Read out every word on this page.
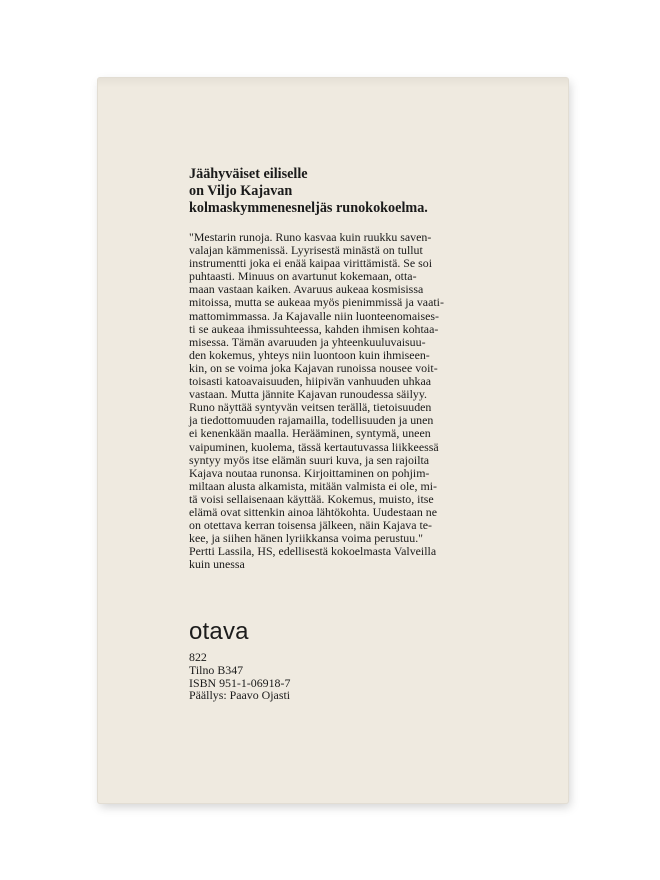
Jäähyväiset eiliselle
on Viljo Kajavan
kolmaskymmenesneljäs runokokoelma.
"Mestarin runoja. Runo kasvaa kuin ruukku saven-
valajan kämmenissä. Lyyrisestä minästä on tullut
instrumentti joka ei enää kaipaa virittämistä. Se soi
puhtaasti. Minuus on avartunut kokemaan, otta-
maan vastaan kaiken. Avaruus aukeaa kosmisissa
mitoissa, mutta se aukeaa myös pienimmissä ja vaati-
mattomimmassa. Ja Kajavalle niin luonteenomaises-
ti se aukeaa ihmissuhteessa, kahden ihmisen kohtaa-
misessa. Tämän avaruuden ja yhteenkuuluvaisuu-
den kokemus, yhteys niin luontoon kuin ihmiseen-
kin, on se voima joka Kajavan runoissa nousee voit-
toisasti katoavaisuuden, hiipivän vanhuuden uhkaa
vastaan. Mutta jännite Kajavan runoudessa säilyy.
Runo näyttää syntyvän veitsen terällä, tietoisuuden
ja tiedottomuuden rajamailla, todellisuuden ja unen
ei kenenkään maalla. Herääminen, syntymä, uneen
vaipuminen, kuolema, tässä kertautuvassa liikkeessä
syntyy myös itse elämän suuri kuva, ja sen rajoilta
Kajava noutaa runonsa. Kirjoittaminen on pohjim-
miltaan alusta alkamista, mitään valmista ei ole, mi-
tä voisi sellaisenaan käyttää. Kokemus, muisto, itse
elämä ovat sittenkin ainoa lähtökohta. Uudestaan ne
on otettava kerran toisensa jälkeen, näin Kajava te-
kee, ja siihen hänen lyriikkansa voima perustuu."
Pertti Lassila, HS, edellisestä kokoelmasta Valveilla
kuin unessa
otava
822
Tilno B347
ISBN 951-1-06918-7
Päällys: Paavo Ojasti
